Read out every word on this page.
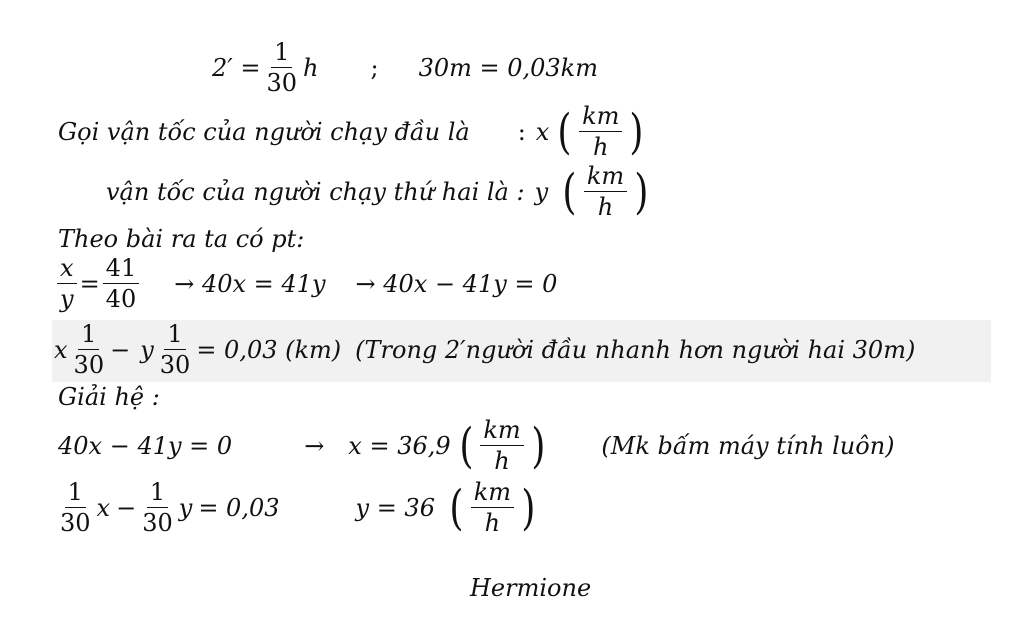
$2' = \frac{1}{30}$ h ; 30m = 0,03km
Gọi vận tốc của người chạy đầu là : x ( $\frac{km}{h}$ )
vận tốc của người chạy thứ hai là : y ( $\frac{km}{h}$ )
Theo bài ra ta có pt:
$\frac{x}{y} = \frac{41}{40} \to 40x = 41y \to 40x - 41y = 0$
x $\frac{1}{30} - y \frac{1}{30} = 0,03$ (km) (Trong 2′người đầu nhanh hơn người hai 30m)
Giải hệ :
40x − 41y = 0	→ x = 36,9 ( $\frac{km}{h}$ ) (Mk bấm máy tính luôn)
$\frac{1}{30}$ $x - \frac{1}{30}$ y = 0,03	y = 36 ( $\frac{km}{h}$ )
Hermione
